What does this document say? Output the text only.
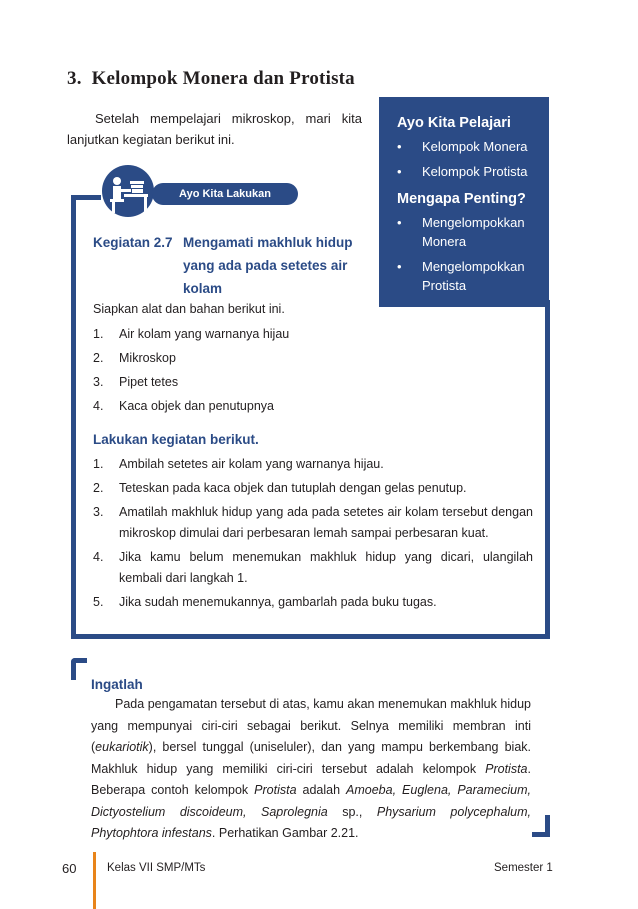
3. Kelompok Monera dan Protista
Setelah mempelajari mikroskop, mari kita lanjutkan kegiatan berikut ini.
Ayo Kita Pelajari
• Kelompok Monera
• Kelompok Protista
Mengapa Penting?
• Mengelompokkan Monera
• Mengelompokkan Protista
Ayo Kita Lakukan
Kegiatan 2.7 Mengamati makhluk hidup yang ada pada setetes air kolam
Siapkan alat dan bahan berikut ini.
1. Air kolam yang warnanya hijau
2. Mikroskop
3. Pipet tetes
4. Kaca objek dan penutupnya
Lakukan kegiatan berikut.
1. Ambilah setetes air kolam yang warnanya hijau.
2. Teteskan pada kaca objek dan tutuplah dengan gelas penutup.
3. Amatilah makhluk hidup yang ada pada setetes air kolam tersebut dengan mikroskop dimulai dari perbesaran lemah sampai perbesaran kuat.
4. Jika kamu belum menemukan makhluk hidup yang dicari, ulangilah kembali dari langkah 1.
5. Jika sudah menemukannya, gambarlah pada buku tugas.
Ingatlah
Pada pengamatan tersebut di atas, kamu akan menemukan makhluk hidup yang mempunyai ciri-ciri sebagai berikut. Selnya memiliki membran inti (eukariotik), bersel tunggal (uniseluler), dan yang mampu berkembang biak. Makhluk hidup yang memiliki ciri-ciri tersebut adalah kelompok Protista. Beberapa contoh kelompok Protista adalah Amoeba, Euglena, Paramecium, Dictyostelium discoideum, Saprolegnia sp., Physarium polycephalum, Phytophtora infestans. Perhatikan Gambar 2.21.
60	Kelas VII SMP/MTs	Semester 1
